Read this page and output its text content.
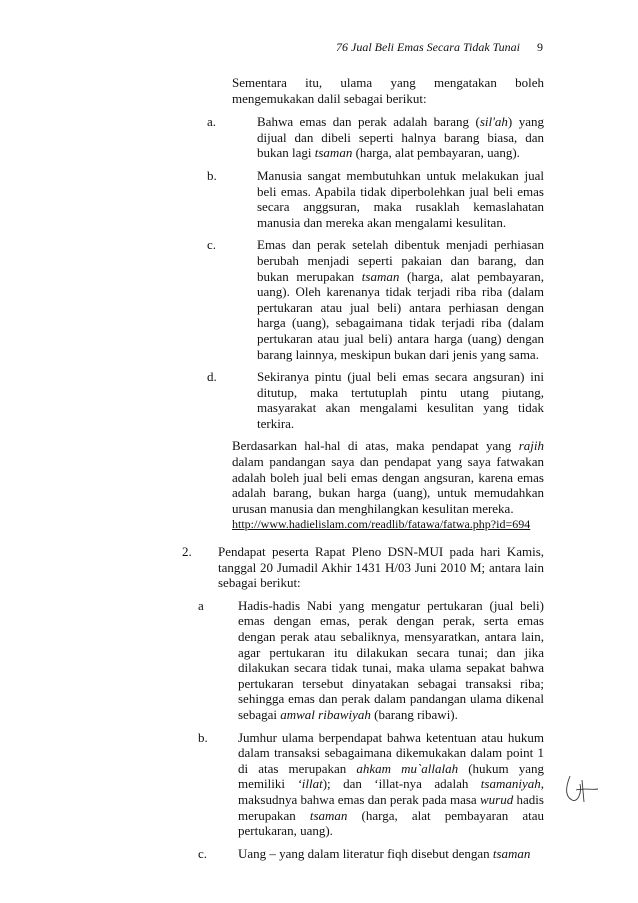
76 Jual Beli Emas Secara Tidak Tunai 9

Sementara itu, ulama yang mengatakan boleh mengemukakan dalil sebagai berikut:

a.	Bahwa emas dan perak adalah barang (sil'ah) yang dijual dan dibeli seperti halnya barang biasa, dan bukan lagi tsaman (harga, alat pembayaran, uang).
b.	Manusia sangat membutuhkan untuk melakukan jual beli emas. Apabila tidak diperbolehkan jual beli emas secara anggsuran, maka rusaklah kemaslahatan manusia dan mereka akan mengalami kesulitan.
c.	Emas dan perak setelah dibentuk menjadi perhiasan berubah menjadi seperti pakaian dan barang, dan bukan merupakan tsaman (harga, alat pembayaran, uang). Oleh karenanya tidak terjadi riba riba (dalam pertukaran atau jual beli) antara perhiasan dengan harga (uang), sebagaimana tidak terjadi riba (dalam pertukaran atau jual beli) antara harga (uang) dengan barang lainnya, meskipun bukan dari jenis yang sama.
d.	Sekiranya pintu (jual beli emas secara angsuran) ini ditutup, maka tertutuplah pintu utang piutang, masyarakat akan mengalami kesulitan yang tidak terkira.

Berdasarkan hal-hal di atas, maka pendapat yang rajih dalam pandangan saya dan pendapat yang saya fatwakan adalah boleh jual beli emas dengan angsuran, karena emas adalah barang, bukan harga (uang), untuk memudahkan urusan manusia dan menghilangkan kesulitan mereka.
http://www.hadielislam.com/readlib/fatawa/fatwa.php?id=694

2. Pendapat peserta Rapat Pleno DSN-MUI pada hari Kamis, tanggal 20 Jumadil Akhir 1431 H/03 Juni 2010 M; antara lain sebagai berikut:
a	Hadis-hadis Nabi yang mengatur pertukaran (jual beli) emas dengan emas, perak dengan perak, serta emas dengan perak atau sebaliknya, mensyaratkan, antara lain, agar pertukaran itu dilakukan secara tunai; dan jika dilakukan secara tidak tunai, maka ulama sepakat bahwa pertukaran tersebut dinyatakan sebagai transaksi riba; sehingga emas dan perak dalam pandangan ulama dikenal sebagai amwal ribawiyah (barang ribawi).
b. Jumhur ulama berpendapat bahwa ketentuan atau hukum dalam transaksi sebagaimana dikemukakan dalam point 1 di atas merupakan ahkam mu`allalah (hukum yang memiliki ‘illat); dan ‘illat-nya adalah tsamaniyah, maksudnya bahwa emas dan perak pada masa wurud hadis merupakan tsaman (harga, alat pembayaran atau pertukaran, uang).
c. Uang – yang dalam literatur fiqh disebut dengan tsaman
